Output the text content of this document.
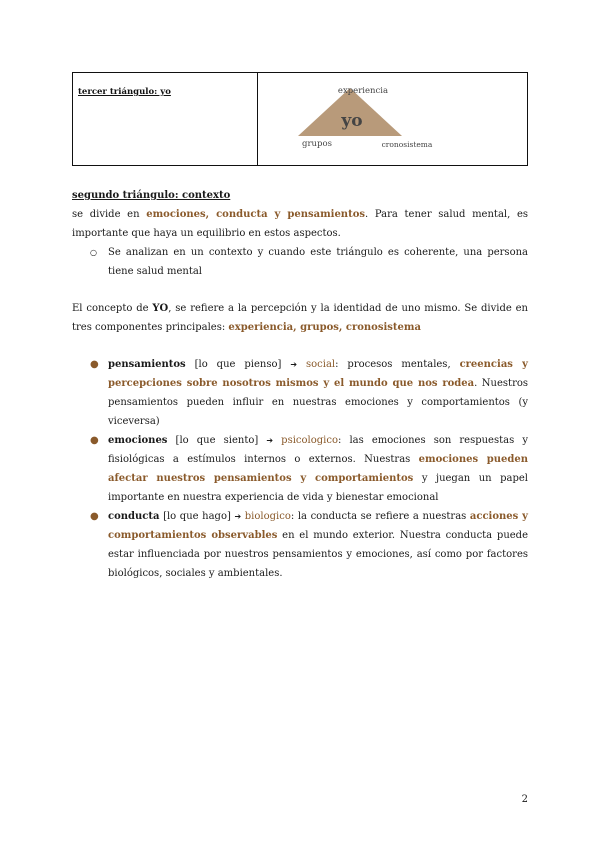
tercer triángulo: yo	
yo
experiencia
grupos	cronosistema
segundo triángulo: contexto
se divide en emociones, conducta y pensamientos. Para tener salud mental, es importante que haya un equilibrio en estos aspectos.
○ Se analizan en un contexto y cuando este triángulo es coherente, una persona tiene salud mental
El concepto de YO, se refiere a la percepción y la identidad de uno mismo. Se divide en tres componentes principales: experiencia, grupos, cronosistema
● pensamientos [lo que pienso] ➔ social: procesos mentales, creencias y percepciones sobre nosotros mismos y el mundo que nos rodea. Nuestros pensamientos pueden influir en nuestras emociones y comportamientos (y viceversa)
● emociones [lo que siento] ➔ psicologico: las emociones son respuestas y fisiológicas a estímulos internos o externos. Nuestras emociones pueden afectar nuestros pensamientos y comportamientos y juegan un papel importante en nuestra experiencia de vida y bienestar emocional
● conducta [lo que hago] ➔ biologico: la conducta se refiere a nuestras acciones y comportamientos observables en el mundo exterior. Nuestra conducta puede estar influenciada por nuestros pensamientos y emociones, así como por factores biológicos, sociales y ambientales.
2
